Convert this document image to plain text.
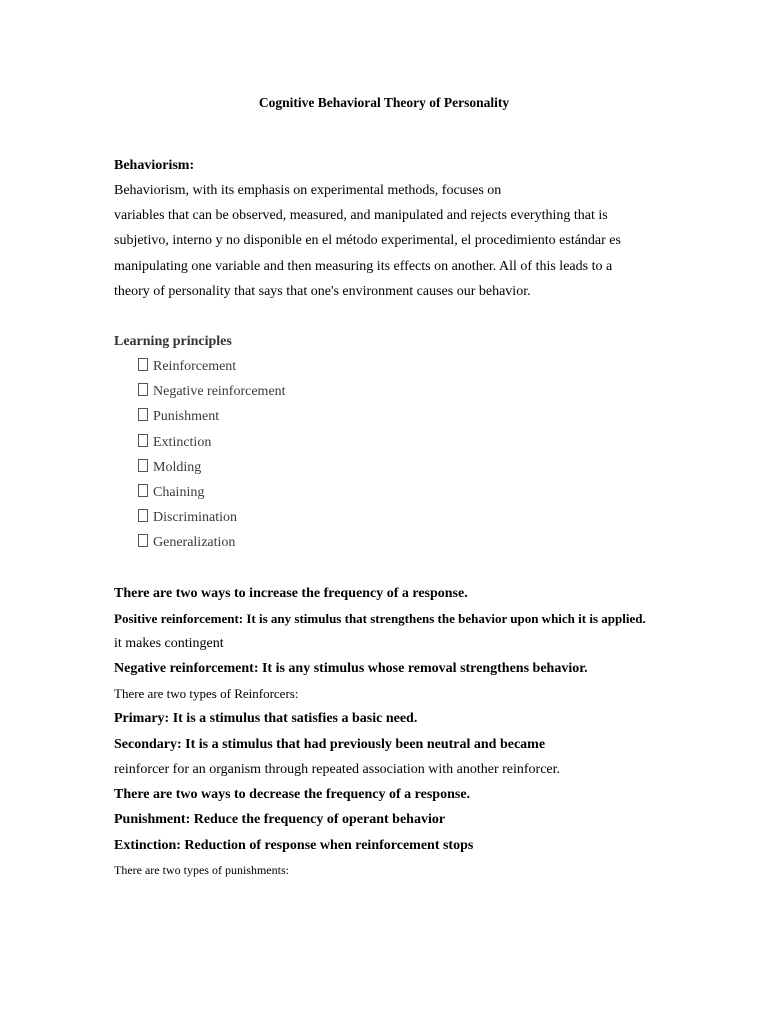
Cognitive Behavioral Theory of Personality
Behaviorism:
Behaviorism, with its emphasis on experimental methods, focuses on
variables that can be observed, measured, and manipulated and rejects everything that is
subjetivo, interno y no disponible en el método experimental, el procedimiento estándar es
manipulating one variable and then measuring its effects on another. All of this leads to a
theory of personality that says that one's environment causes our behavior.
Learning principles
Reinforcement
Negative reinforcement
Punishment
Extinction
Molding
Chaining
Discrimination
Generalization
There are two ways to increase the frequency of a response.
Positive reinforcement: It is any stimulus that strengthens the behavior upon which it is applied.
it makes contingent
Negative reinforcement: It is any stimulus whose removal strengthens behavior.
There are two types of Reinforcers:
Primary: It is a stimulus that satisfies a basic need.
Secondary: It is a stimulus that had previously been neutral and became
reinforcer for an organism through repeated association with another reinforcer.
There are two ways to decrease the frequency of a response.
Punishment: Reduce the frequency of operant behavior
Extinction: Reduction of response when reinforcement stops
There are two types of punishments:
